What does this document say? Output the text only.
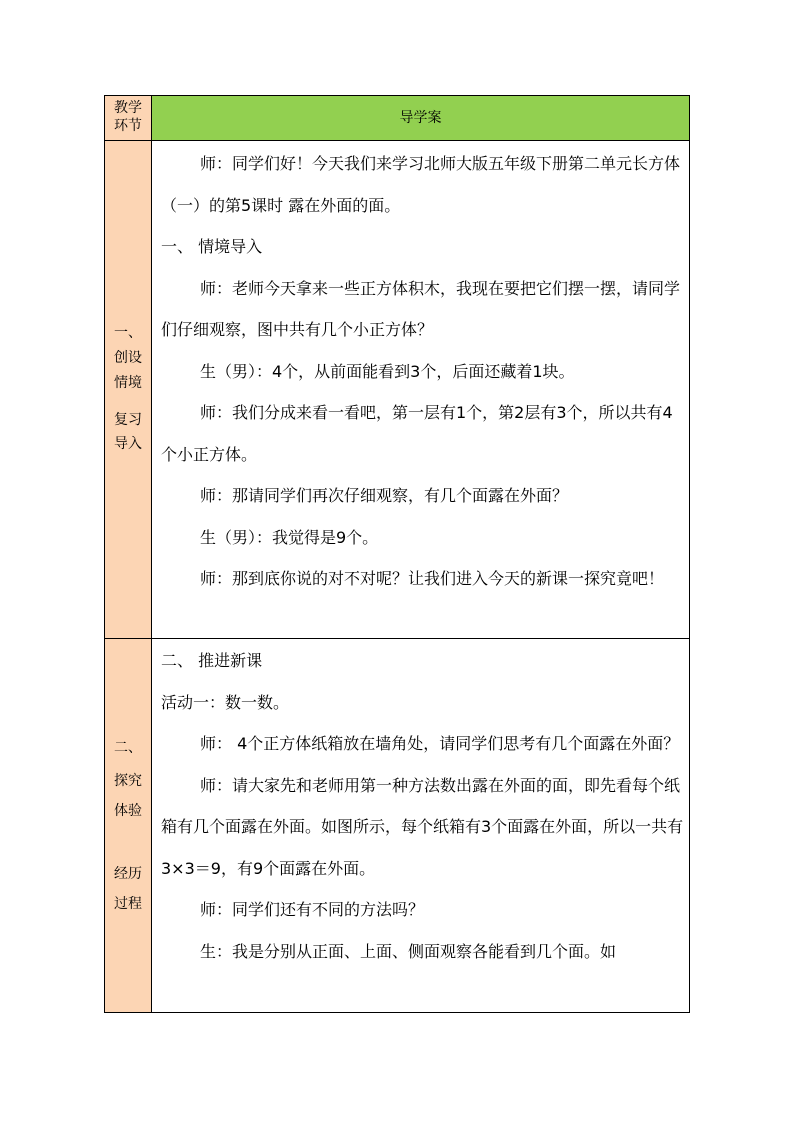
教学
环节	导学案
一、
创设
情境
复习
导入
二、
探究
体验
经历
过程
师：同学们好！今天我们来学习北师大版五年级下册第二单元长方体（一）的第5课时 露在外面的面。
一、 情境导入
师：老师今天拿来一些正方体积木，我现在要把它们摆一摆，请同学们仔细观察，图中共有几个小正方体？
生（男）：4个，从前面能看到3个，后面还藏着1块。
师：我们分成来看一看吧，第一层有1个，第2层有3个，所以共有4个小正方体。
师：那请同学们再次仔细观察，有几个面露在外面？
生（男）：我觉得是9个。
师：那到底你说的对不对呢？让我们进入今天的新课一探究竟吧！
二、 推进新课
活动一：数一数。
师： 4个正方体纸箱放在墙角处，请同学们思考有几个面露在外面？
师：请大家先和老师用第一种方法数出露在外面的面，即先看每个纸箱有几个面露在外面。如图所示，每个纸箱有3个面露在外面，所以一共有3×3＝9，有9个面露在外面。
师：同学们还有不同的方法吗？
生：我是分别从正面、上面、侧面观察各能看到几个面。如
